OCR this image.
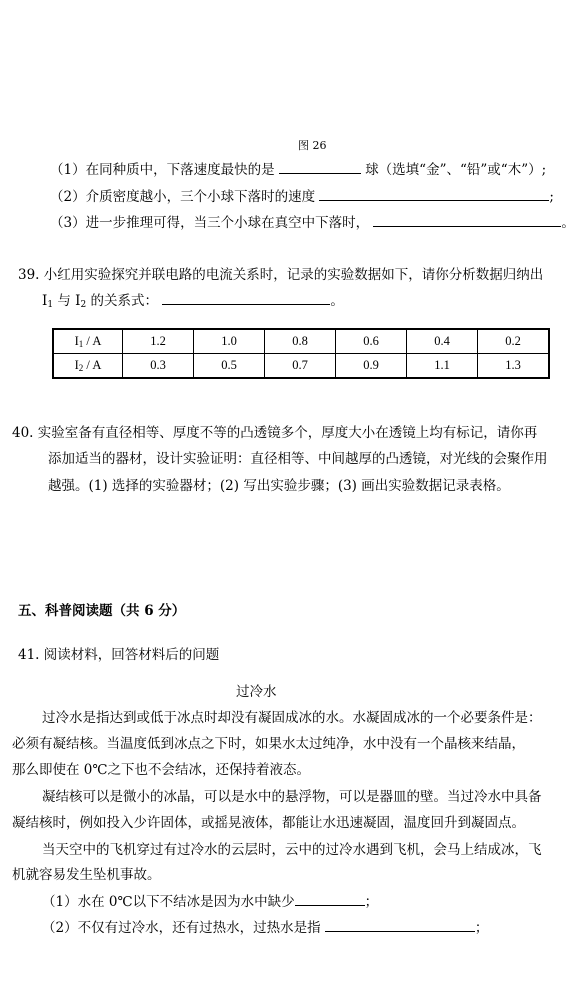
图 26
（1）在同种质中，下落速度最快的是	球（选填“金”、“铅”或“木”）;
（2）介质密度越小，三个小球下落时的速度	;
（3）进一步推理可得，当三个小球在真空中下落时，	。
39. 小红用实验探究并联电路的电流关系时，记录的实验数据如下，请你分析数据归纳出
$I_1$ 与 $I_2$ 的关系式：	。
$I_1$ / A	1.2	1.0	0.8	0.6	0.4	0.2
$I_2$ / A	0.3	0.5	0.7	0.9	1.1	1.3
40. 实验室备有直径相等、厚度不等的凸透镜多个，厚度大小在透镜上均有标记，请你再
添加适当的器材，设计实验证明：直径相等、中间越厚的凸透镜，对光线的会聚作用
越强。(1) 选择的实验器材；(2) 写出实验步骤；(3) 画出实验数据记录表格。
五、科普阅读题（共 6 分）
41. 阅读材料，回答材料后的问题
过冷水
过冷水是指达到或低于冰点时却没有凝固成冰的水。水凝固成冰的一个必要条件是：
必须有凝结核。当温度低到冰点之下时，如果水太过纯净，水中没有一个晶核来结晶，
那么即使在 0℃之下也不会结冰，还保持着液态。
凝结核可以是微小的冰晶，可以是水中的悬浮物，可以是器皿的壁。当过冷水中具备
凝结核时，例如投入少许固体，或摇晃液体，都能让水迅速凝固，温度回升到凝固点。
当天空中的飞机穿过有过冷水的云层时，云中的过冷水遇到飞机，会马上结成冰，飞
机就容易发生坠机事故。
（1）水在 0℃以下不结冰是因为水中缺少	；
（2）不仅有过冷水，还有过热水，过热水是指	；
